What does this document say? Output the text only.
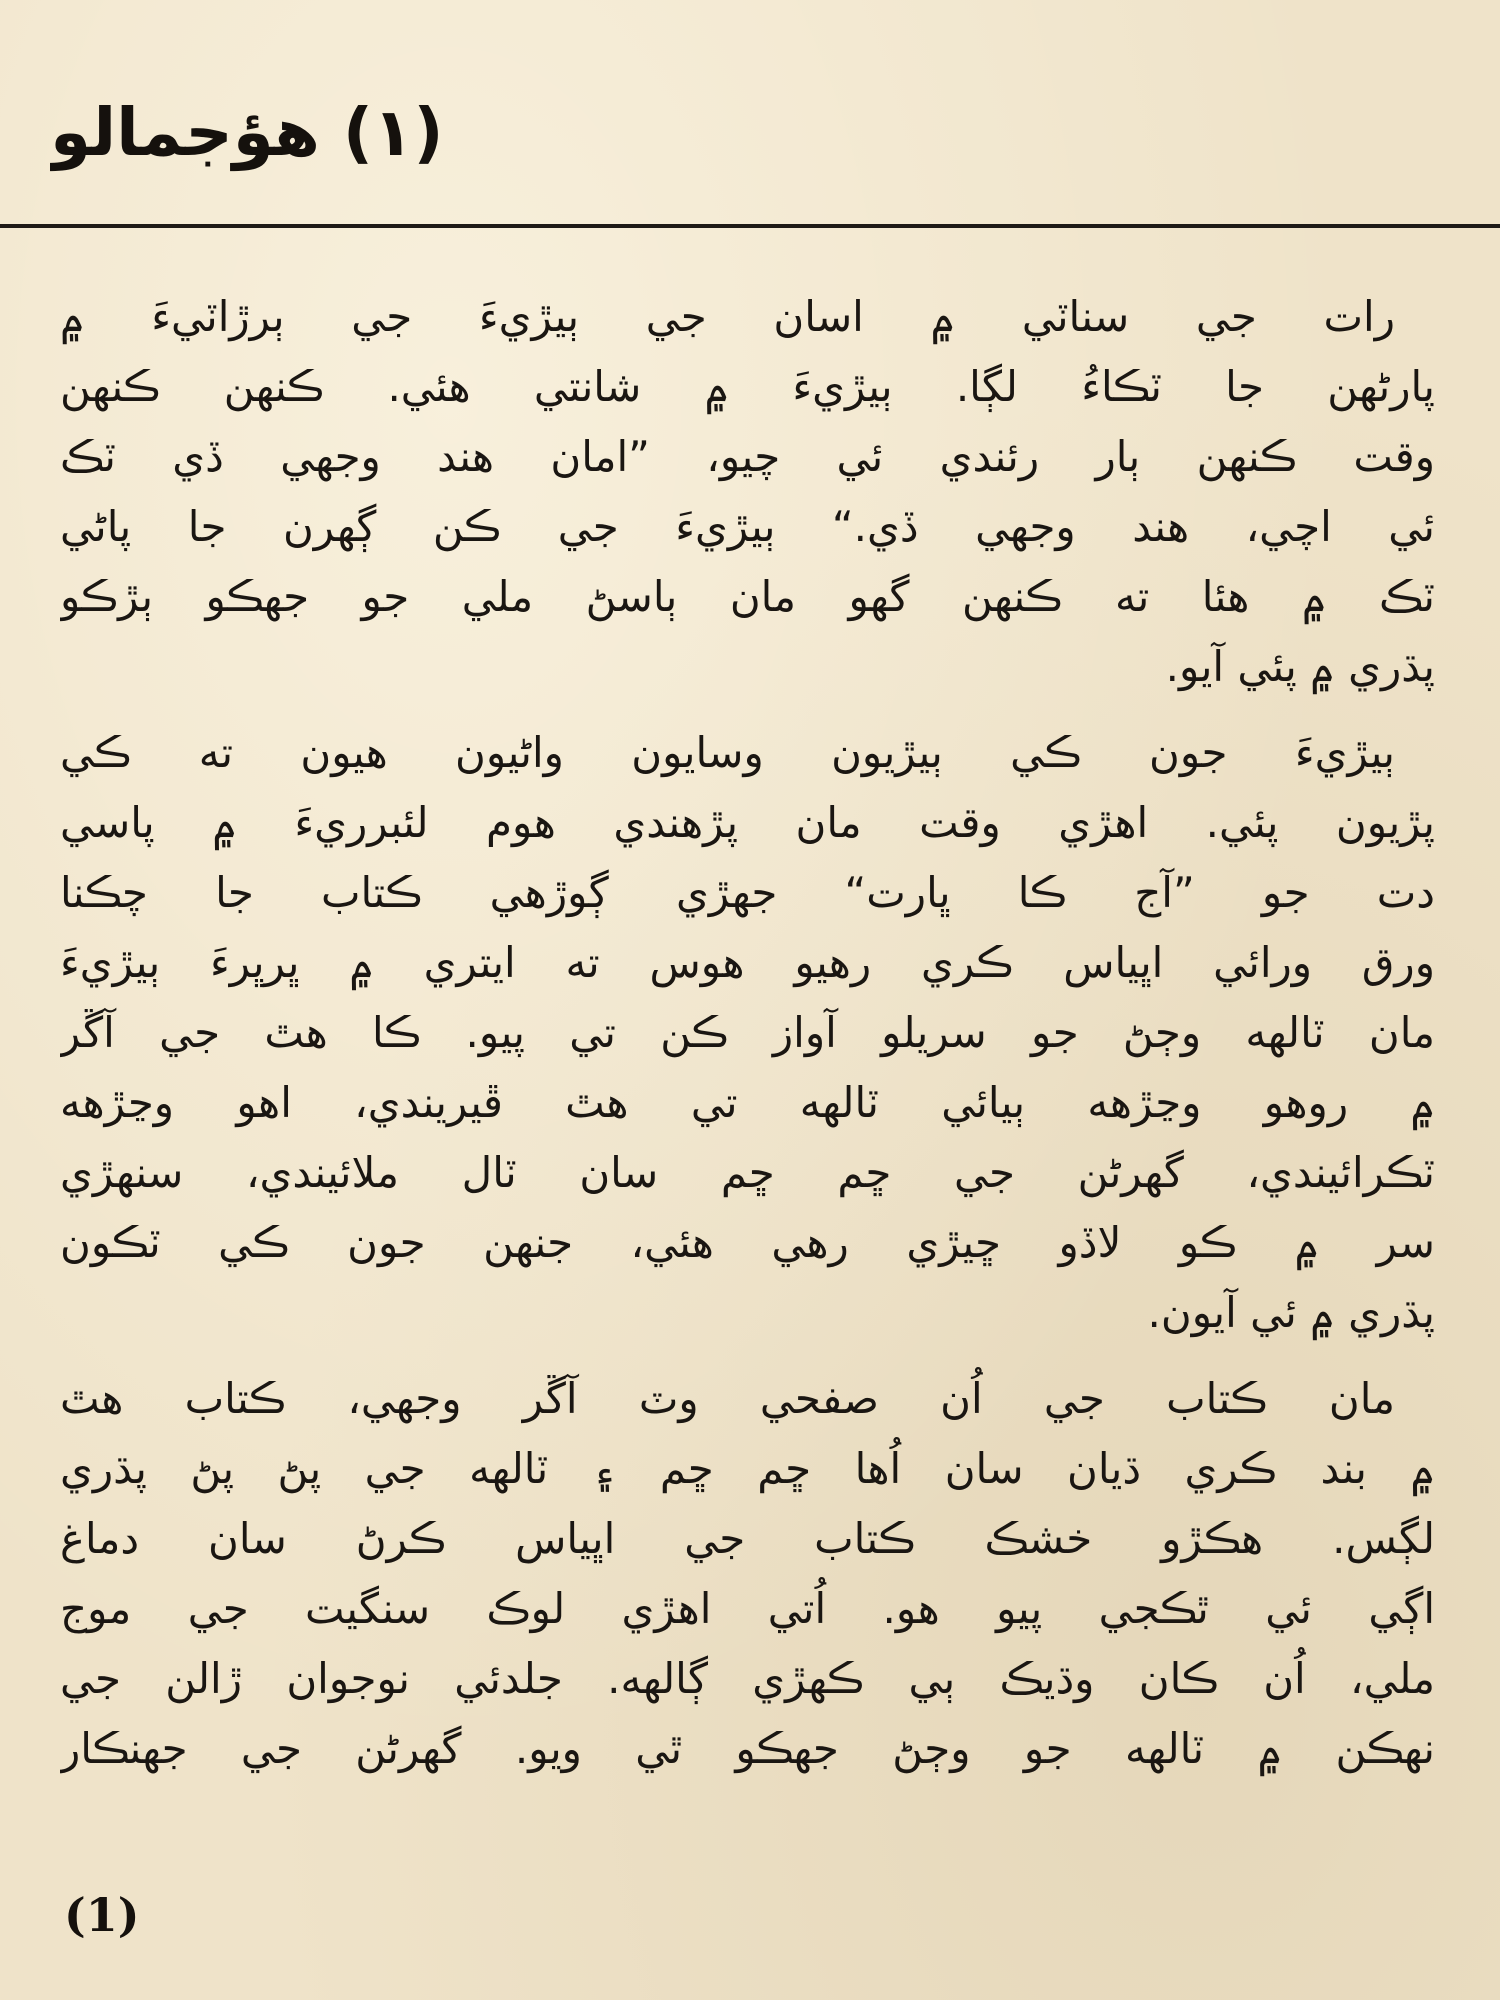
(۱) ھؤجمالو
رات جي سناٽي ۾ اسان جي ٻيڙيءَ جي ٻرڙاٽيءَ ۾
پارڻهن جا ٽڪاءُ لڳا. ٻيڙيءَ ۾ شانتي هئي. ڪنهن ڪنهن
وقت ڪنهن ٻار رئندي ئي چيو، ”امان هند وجهي ڏي ٽڪ
ئي اچي، هند وجهي ڏي.“ ٻيڙيءَ جي ڪن ڳهرن جا پاڻي
ٽڪ ۾ هئا ته ڪنهن گهو مان ٻاسڻ ملي جو جهڪو ٻڙڪو
پڌري ۾ پئي آيو.
ٻيڙيءَ جون ڪي ٻيڙيون وسايون واڻيون هيون ته ڪي
پڙيون پئي. اهڙي وقت مان پڙهندي هوم لئبرريءَ ۾ پاسي
دت جو ”آج ڪا ڀارت“ جهڙي ڳوڙهي ڪتاب جا چڪنا
ورق ورائي اڀياس ڪري رهيو هوس ته ايتري ۾ ڀرڀرءَ ٻيڙيءَ
مان ٽالهه وڄڻ جو سريلو آواز ڪن تي پيو. ڪا هٿ جي آڱر
۾ روهو وڃڙهه ٻيائي ٽالهه تي هٿ ڦيريندي، اهو وڃڙهه
ٽڪرائيندي، گهرڻن جي ڇم ڇم سان ٽال ملائيندي، سنهڙي
سر ۾ ڪو لاڏو ڇيڙي رهي هئي، جنهن جون ڪي ٽڪون
پڌري ۾ ئي آيون.
مان ڪتاب جي اُن صفحي وٽ آڱر وجهي، ڪتاب هٿ
۾ بند ڪري ڌيان سان اُها ڇم ڇم ۽ ٽالهه جي پڻ پڻ پڌري
لڳس. هڪڙو خشڪ ڪتاب جي اڀياس ڪرڻ سان دماغ
اڳي ئي ٿڪجي پيو هو. اُتي اهڙي لوڪ سنگيت جي موج
ملي، اُن ڪان وڌيڪ ٻي ڪهڙي ڳالهه. جلدئي نوجوان ڙالن جي
نهڪن ۾ ٽالهه جو وڄڻ جهڪو ٿي ويو. گهرڻن جي جهنڪار
(1)
